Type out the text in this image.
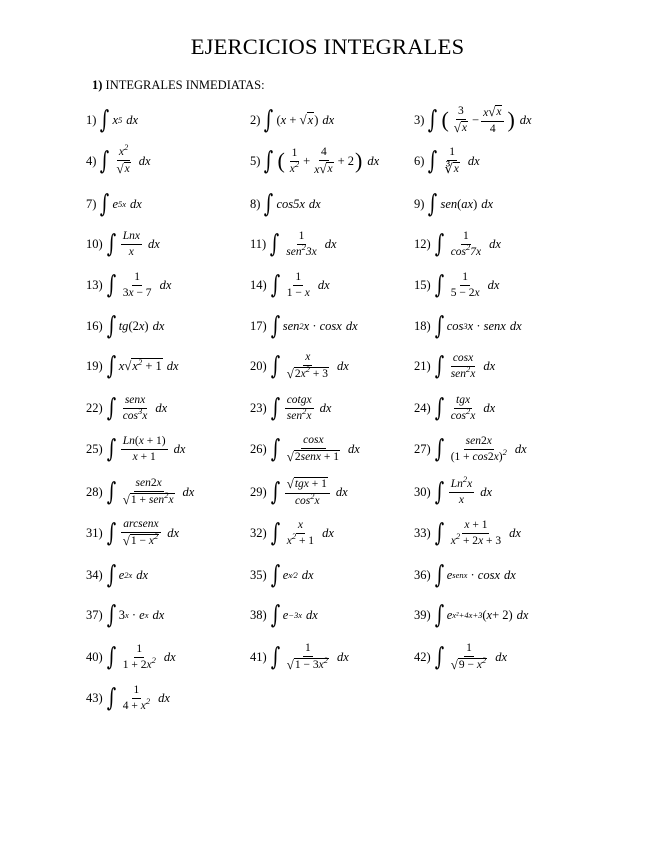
EJERCICIOS INTEGRALES
1) INTEGRALES INMEDIATAS:
1) ∫ x 5 dx	2) ∫ ( x + √ x ) dx	3) ∫ ( $\frac{3}{√ x} - \frac{x √ x}{4}$ ) dx
4) ∫ $\frac{x^2}{√ x}$ dx	5) ∫ ( $\frac{1}{x^2} + \frac{4}{x √ x} + 2$ ) dx	6) ∫ $\frac{1}{∛ x}$ dx
7) ∫ e 5x dx	8) ∫ cos5x dx	9) ∫ sen ( ax ) dx
10) ∫ $\frac{\text{Lnx}}{x}$ dx	11) ∫ $\frac{1}{sen^23x}$ dx	12) ∫ $\frac{1}{\cos^27x}$ dx
13) ∫ $\frac{1}{3x - 7}$ dx	14) ∫ $\frac{1}{1 - x}$ dx	15) ∫ $\frac{1}{5 - 2x}$ dx
16) ∫ tg (2 x ) dx	17) ∫ sen 2 x · cosx dx	18) ∫ cos 3 x · senx dx
19) ∫ x √ $x^2 + 1$ dx	20) ∫ $\frac{x}{√ 2x^2 + 3}$ dx	21) ∫ $\frac{\cos x}{sen^2x}$ dx
22) ∫ $\frac{\text{senx}}{\cos^3x}$ dx	23) ∫ $\frac{\text{cotgx}}{sen^2x}$ dx	24) ∫ $\frac{\text{tgx}}{\cos^2x}$ dx
25) ∫ $\frac{Ln(x + 1)}{x + 1}$ dx	26) ∫ $\frac{\cos x}{\text{√ 2senx + 1}}$ dx	27) ∫ $\frac{\text{sen2x}}{(1 + \cos 2x)^2}$ dx
28) ∫ $\frac{\text{sen2x}}{√ 1 + sen^2x}$ dx	29) ∫ $\frac{\text{√ tgx + 1}}{\cos^2x}$ dx	30) ∫ $\frac{Ln^2x}{x}$ dx
31) ∫ $\frac{\text{arcsenx}}{√ 1 - x^2}$ dx	32) ∫ $\frac{x}{x^2 + 1}$ dx	33) ∫ $\frac{x + 1}{x^2 + 2x + 3}$ dx
34) ∫ e 2x dx	35) ∫ e x⁄2 dx	36) ∫ e senx · cosx dx
37) ∫ 3 x · e x dx	38) ∫ e −3x dx	39) ∫ e x²+4x+3 ( x + 2) dx
40) ∫ $\frac{1}{1 + 2x^2}$ dx	41) ∫ $\frac{1}{√ 1 - 3x^2}$ dx	42) ∫ $\frac{1}{√ 9 - x^2}$ dx
43) ∫ $\frac{1}{4 + x^2}$ dx
